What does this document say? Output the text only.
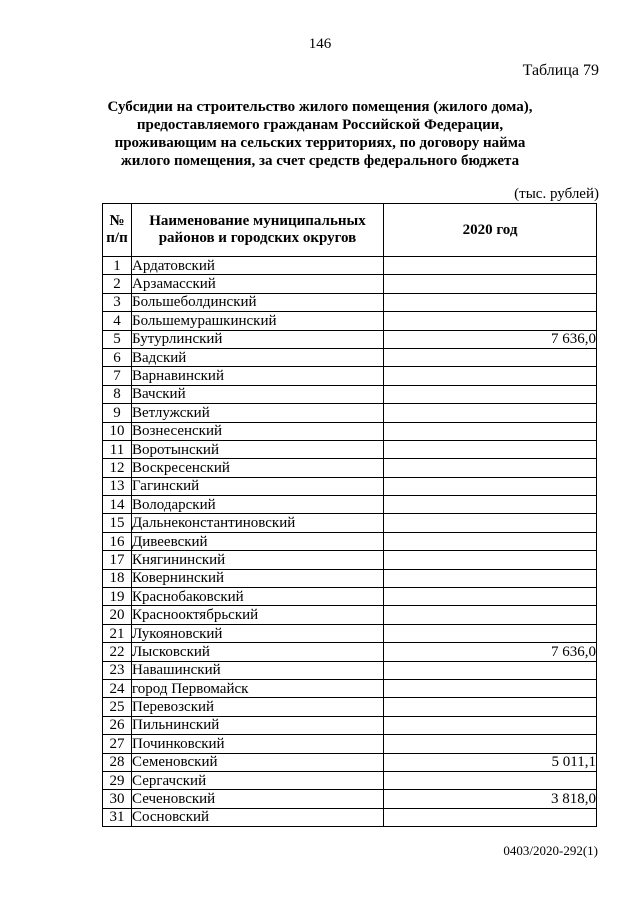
146
Таблица 79
Субсидии на строительство жилого помещения (жилого дома), предоставляемого гражданам Российской Федерации, проживающим на сельских территориях, по договору найма жилого помещения, за счет средств федерального бюджета
(тыс. рублей)
№ п/п	Наименование муниципальных районов и городских округов	2020 год
1	Ардатовский	
2	Арзамасский	
3	Большеболдинский	
4	Большемурашкинский	
5	Бутурлинский	7 636,0
6	Вадский	
7	Варнавинский	
8	Вачский	
9	Ветлужский	
10	Вознесенский	
11	Воротынский	
12	Воскресенский	
13	Гагинский	
14	Володарский	
15	Дальнеконстантиновский	
16	Дивеевский	
17	Княгининский	
18	Ковернинский	
19	Краснобаковский	
20	Краснооктябрьский	
21	Лукояновский	
22	Лысковский	7 636,0
23	Навашинский	
24	город Первомайск	
25	Перевозский	
26	Пильнинский	
27	Починковский	
28	Семеновский	5 011,1
29	Сергачский	
30	Сеченовский	3 818,0
31	Сосновский	
0403/2020-292(1)
